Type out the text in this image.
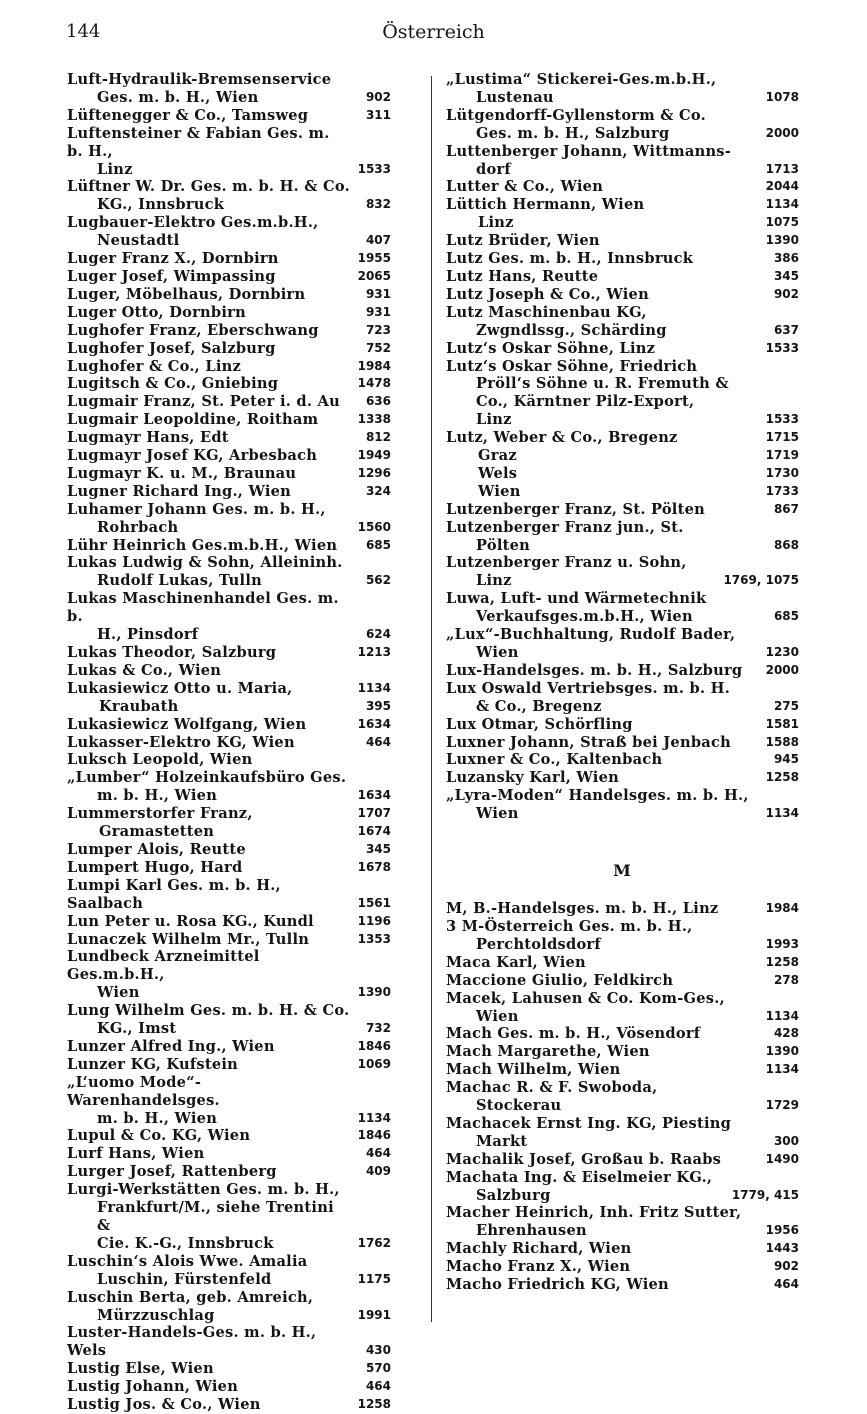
144	Österreich
Luft-Hydraulik-Bremsenservice
Ges. m. b. H., Wien	902
Lüftenegger & Co., Tamsweg	311
Luftensteiner & Fabian Ges. m. b. H.,
Linz	1533
Lüftner W. Dr. Ges. m. b. H. & Co.
KG., Innsbruck	832
Lugbauer-Elektro Ges.m.b.H.,
Neustadtl	407
Luger Franz X., Dornbirn	1955
Luger Josef, Wimpassing	2065
Luger, Möbelhaus, Dornbirn	931
Luger Otto, Dornbirn	931
Lughofer Franz, Eberschwang	723
Lughofer Josef, Salzburg	752
Lughofer & Co., Linz	1984
Lugitsch & Co., Gniebing	1478
Lugmair Franz, St. Peter i. d. Au	636
Lugmair Leopoldine, Roitham	1338
Lugmayr Hans, Edt	812
Lugmayr Josef KG, Arbesbach	1949
Lugmayr K. u. M., Braunau	1296
Lugner Richard Ing., Wien	324
Luhamer Johann Ges. m. b. H.,
Rohrbach	1560
Lühr Heinrich Ges.m.b.H., Wien	685
Lukas Ludwig & Sohn, Alleininh.
Rudolf Lukas, Tulln	562
Lukas Maschinenhandel Ges. m. b.
H., Pinsdorf	624
Lukas Theodor, Salzburg	1213
Lukas & Co., Wien
Lukasiewicz Otto u. Maria,	1134
Kraubath	395
Lukasiewicz Wolfgang, Wien	1634
Lukasser-Elektro KG, Wien	464
Luksch Leopold, Wien
„Lumber“ Holzeinkaufsbüro Ges.
m. b. H., Wien	1634
Lummerstorfer Franz,	1707
Gramastetten	1674
Lumper Alois, Reutte	345
Lumpert Hugo, Hard	1678
Lumpi Karl Ges. m. b. H., Saalbach	1561
Lun Peter u. Rosa KG., Kundl	1196
Lunaczek Wilhelm Mr., Tulln	1353
Lundbeck Arzneimittel Ges.m.b.H.,
Wien	1390
Lung Wilhelm Ges. m. b. H. & Co.
KG., Imst	732
Lunzer Alfred Ing., Wien	1846
Lunzer KG, Kufstein	1069
„L‘uomo Mode“-Warenhandelsges.
m. b. H., Wien	1134
Lupul & Co. KG, Wien	1846
Lurf Hans, Wien	464
Lurger Josef, Rattenberg	409
Lurgi-Werkstätten Ges. m. b. H.,
Frankfurt/M., siehe Trentini &
Cie. K.-G., Innsbruck	1762
Luschin‘s Alois Wwe. Amalia
Luschin, Fürstenfeld	1175
Luschin Berta, geb. Amreich,
Mürzzuschlag	1991
Luster-Handels-Ges. m. b. H., Wels	430
Lustig Else, Wien	570
Lustig Johann, Wien	464
Lustig Jos. & Co., Wien	1258
„Lustima“ Stickerei-Ges.m.b.H.,
Lustenau	1078
Lütgendorff-Gyllenstorm & Co.
Ges. m. b. H., Salzburg	2000
Luttenberger Johann, Wittmanns-
dorf	1713
Lutter & Co., Wien	2044
Lüttich Hermann, Wien	1134
Linz	1075
Lutz Brüder, Wien	1390
Lutz Ges. m. b. H., Innsbruck	386
Lutz Hans, Reutte	345
Lutz Joseph & Co., Wien	902
Lutz Maschinenbau KG,
Zwgndlssg., Schärding	637
Lutz‘s Oskar Söhne, Linz	1533
Lutz‘s Oskar Söhne, Friedrich
Pröll‘s Söhne u. R. Fremuth &
Co., Kärntner Pilz-Export,
Linz	1533
Lutz, Weber & Co., Bregenz	1715
Graz	1719
Wels	1730
Wien	1733
Lutzenberger Franz, St. Pölten	867
Lutzenberger Franz jun., St.
Pölten	868
Lutzenberger Franz u. Sohn,
Linz	1769, 1075
Luwa, Luft- und Wärmetechnik
Verkaufsges.m.b.H., Wien	685
„Lux“-Buchhaltung, Rudolf Bader,
Wien	1230
Lux-Handelsges. m. b. H., Salzburg	2000
Lux Oswald Vertriebsges. m. b. H.
& Co., Bregenz	275
Lux Otmar, Schörfling	1581
Luxner Johann, Straß bei Jenbach	1588
Luxner & Co., Kaltenbach	945
Luzansky Karl, Wien	1258
„Lyra-Moden“ Handelsges. m. b. H.,
Wien	1134
M
M, B.-Handelsges. m. b. H., Linz	1984
3 M-Österreich Ges. m. b. H.,
Perchtoldsdorf	1993
Maca Karl, Wien	1258
Maccione Giulio, Feldkirch	278
Macek, Lahusen & Co. Kom-Ges.,
Wien	1134
Mach Ges. m. b. H., Vösendorf	428
Mach Margarethe, Wien	1390
Mach Wilhelm, Wien	1134
Machac R. & F. Swoboda,
Stockerau	1729
Machacek Ernst Ing. KG, Piesting
Markt	300
Machalik Josef, Großau b. Raabs	1490
Machata Ing. & Eiselmeier KG.,
Salzburg	1779, 415
Macher Heinrich, Inh. Fritz Sutter,
Ehrenhausen	1956
Machly Richard, Wien	1443
Macho Franz X., Wien	902
Macho Friedrich KG, Wien	464
